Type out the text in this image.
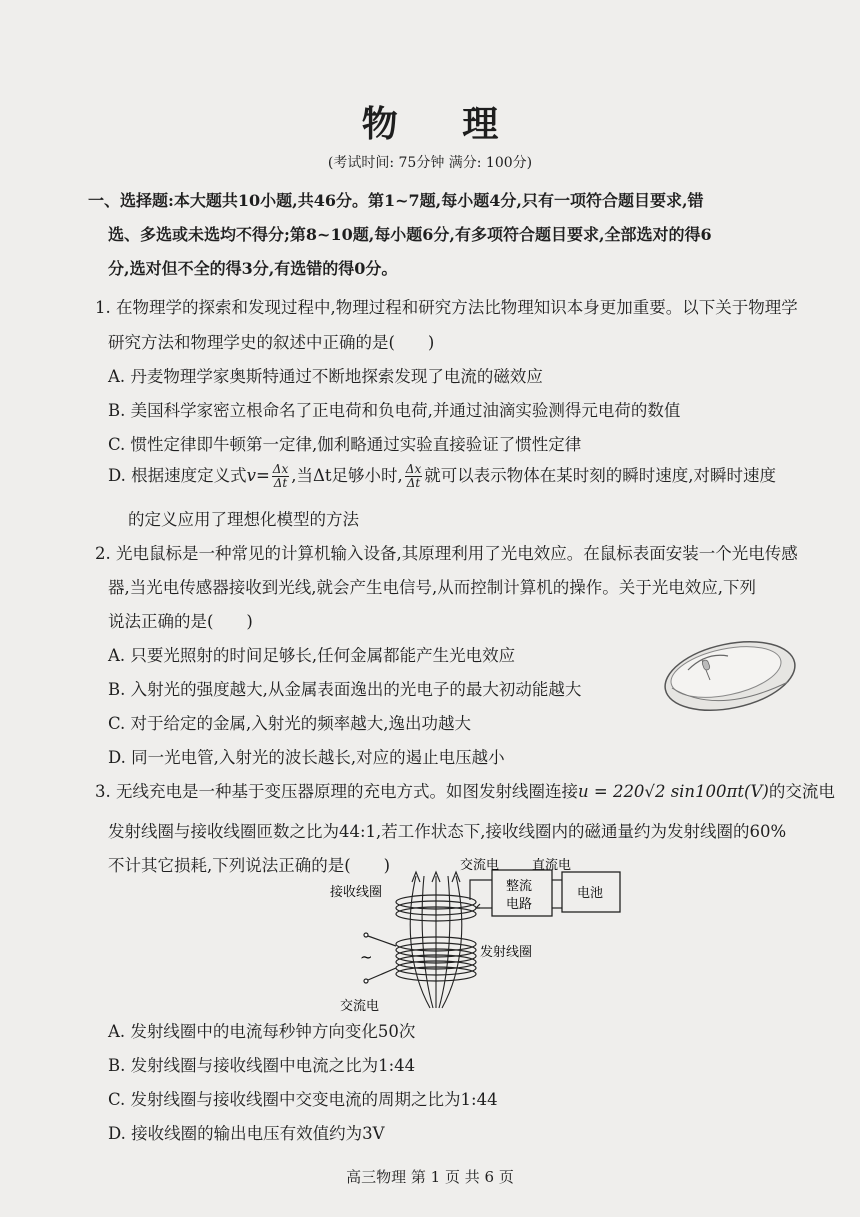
物 理
(考试时间: 75分钟 满分: 100分)
一、选择题:本大题共10小题,共46分。第1~7题,每小题4分,只有一项符合题目要求,错
选、多选或未选均不得分;第8~10题,每小题6分,有多项符合题目要求,全部选对的得6
分,选对但不全的得3分,有选错的得0分。
1. 在物理学的探索和发现过程中,物理过程和研究方法比物理知识本身更加重要。以下关于物理学
研究方法和物理学史的叙述中正确的是(　　)
A. 丹麦物理学家奥斯特通过不断地探索发现了电流的磁效应
B. 美国科学家密立根命名了正电荷和负电荷,并通过油滴实验测得元电荷的数值
C. 惯性定律即牛顿第一定律,伽利略通过实验直接验证了惯性定律
D. 根据速度定义式$v= \frac{\Delta x}{\Delta t}$ ,当Δt足够小时, $\frac{\Delta x}{\Delta t}$ 就可以表示物体在某时刻的瞬时速度,对瞬时速度
的定义应用了理想化模型的方法
2. 光电鼠标是一种常见的计算机输入设备,其原理利用了光电效应。在鼠标表面安装一个光电传感
器,当光电传感器接收到光线,就会产生电信号,从而控制计算机的操作。关于光电效应,下列
说法正确的是(　　)
A. 只要光照射的时间足够长,任何金属都能产生光电效应
B. 入射光的强度越大,从金属表面逸出的光电子的最大初动能越大
C. 对于给定的金属,入射光的频率越大,逸出功越大
D. 同一光电管,入射光的波长越长,对应的遏止电压越小
3. 无线充电是一种基于变压器原理的充电方式。如图发射线圈连接u = 220√2 sin100πt(V)的交流电
发射线圈与接收线圈匝数之比为44:1,若工作状态下,接收线圈内的磁通量约为发射线圈的60%
不计其它损耗,下列说法正确的是(　　)	交流电	直流电
整流
电路
电池
接收线圈
发射线圈
~
交流电
A. 发射线圈中的电流每秒钟方向变化50次
B. 发射线圈与接收线圈中电流之比为1:44
C. 发射线圈与接收线圈中交变电流的周期之比为1:44
D. 接收线圈的输出电压有效值约为3V
高三物理 第 1 页 共 6 页
